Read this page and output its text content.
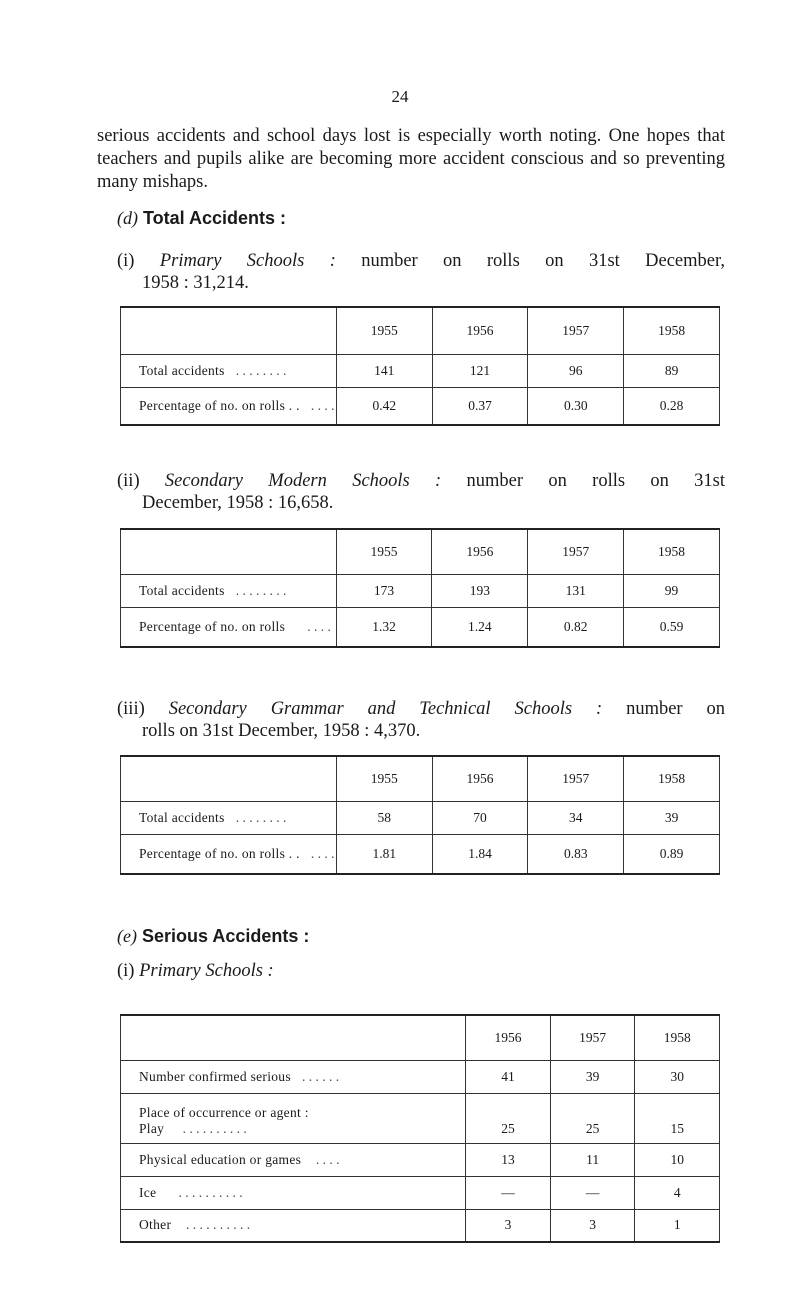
24
serious accidents and school days lost is especially worth noting. One hopes that teachers and pupils alike are becoming more accident conscious and so preventing many mishaps.
(d) Total Accidents :
(i) Primary Schools : number on rolls on 31st December,
1958 : 31,214.
	1955	1956	1957	1958
Total accidents . . . . . . . .	141	121	96	89
Percentage of no. on rolls . . . . . .	0.42	0.37	0.30	0.28
(ii) Secondary Modern Schools : number on rolls on 31st
December, 1958 : 16,658.
	1955	1956	1957	1958
Total accidents . . . . . . . .	173	193	131	99
Percentage of no. on rolls . . . .	1.32	1.24	0.82	0.59
(iii) Secondary Grammar and Technical Schools : number on
rolls on 31st December, 1958 : 4,370.
	1955	1956	1957	1958
Total accidents . . . . . . . .	58	70	34	39
Percentage of no. on rolls . . . . . .	1.81	1.84	0.83	0.89
(e) Serious Accidents :
(i) Primary Schools :
	1956	1957	1958
Number confirmed serious . . . . . .	41	39	30
Place of occurrence or agent :
Play . . . . . . . . . .	25	25	15
Physical education or games . . . .	13	11	10
Ice . . . . . . . . . .	—	—	4
Other . . . . . . . . . .	3	3	1
